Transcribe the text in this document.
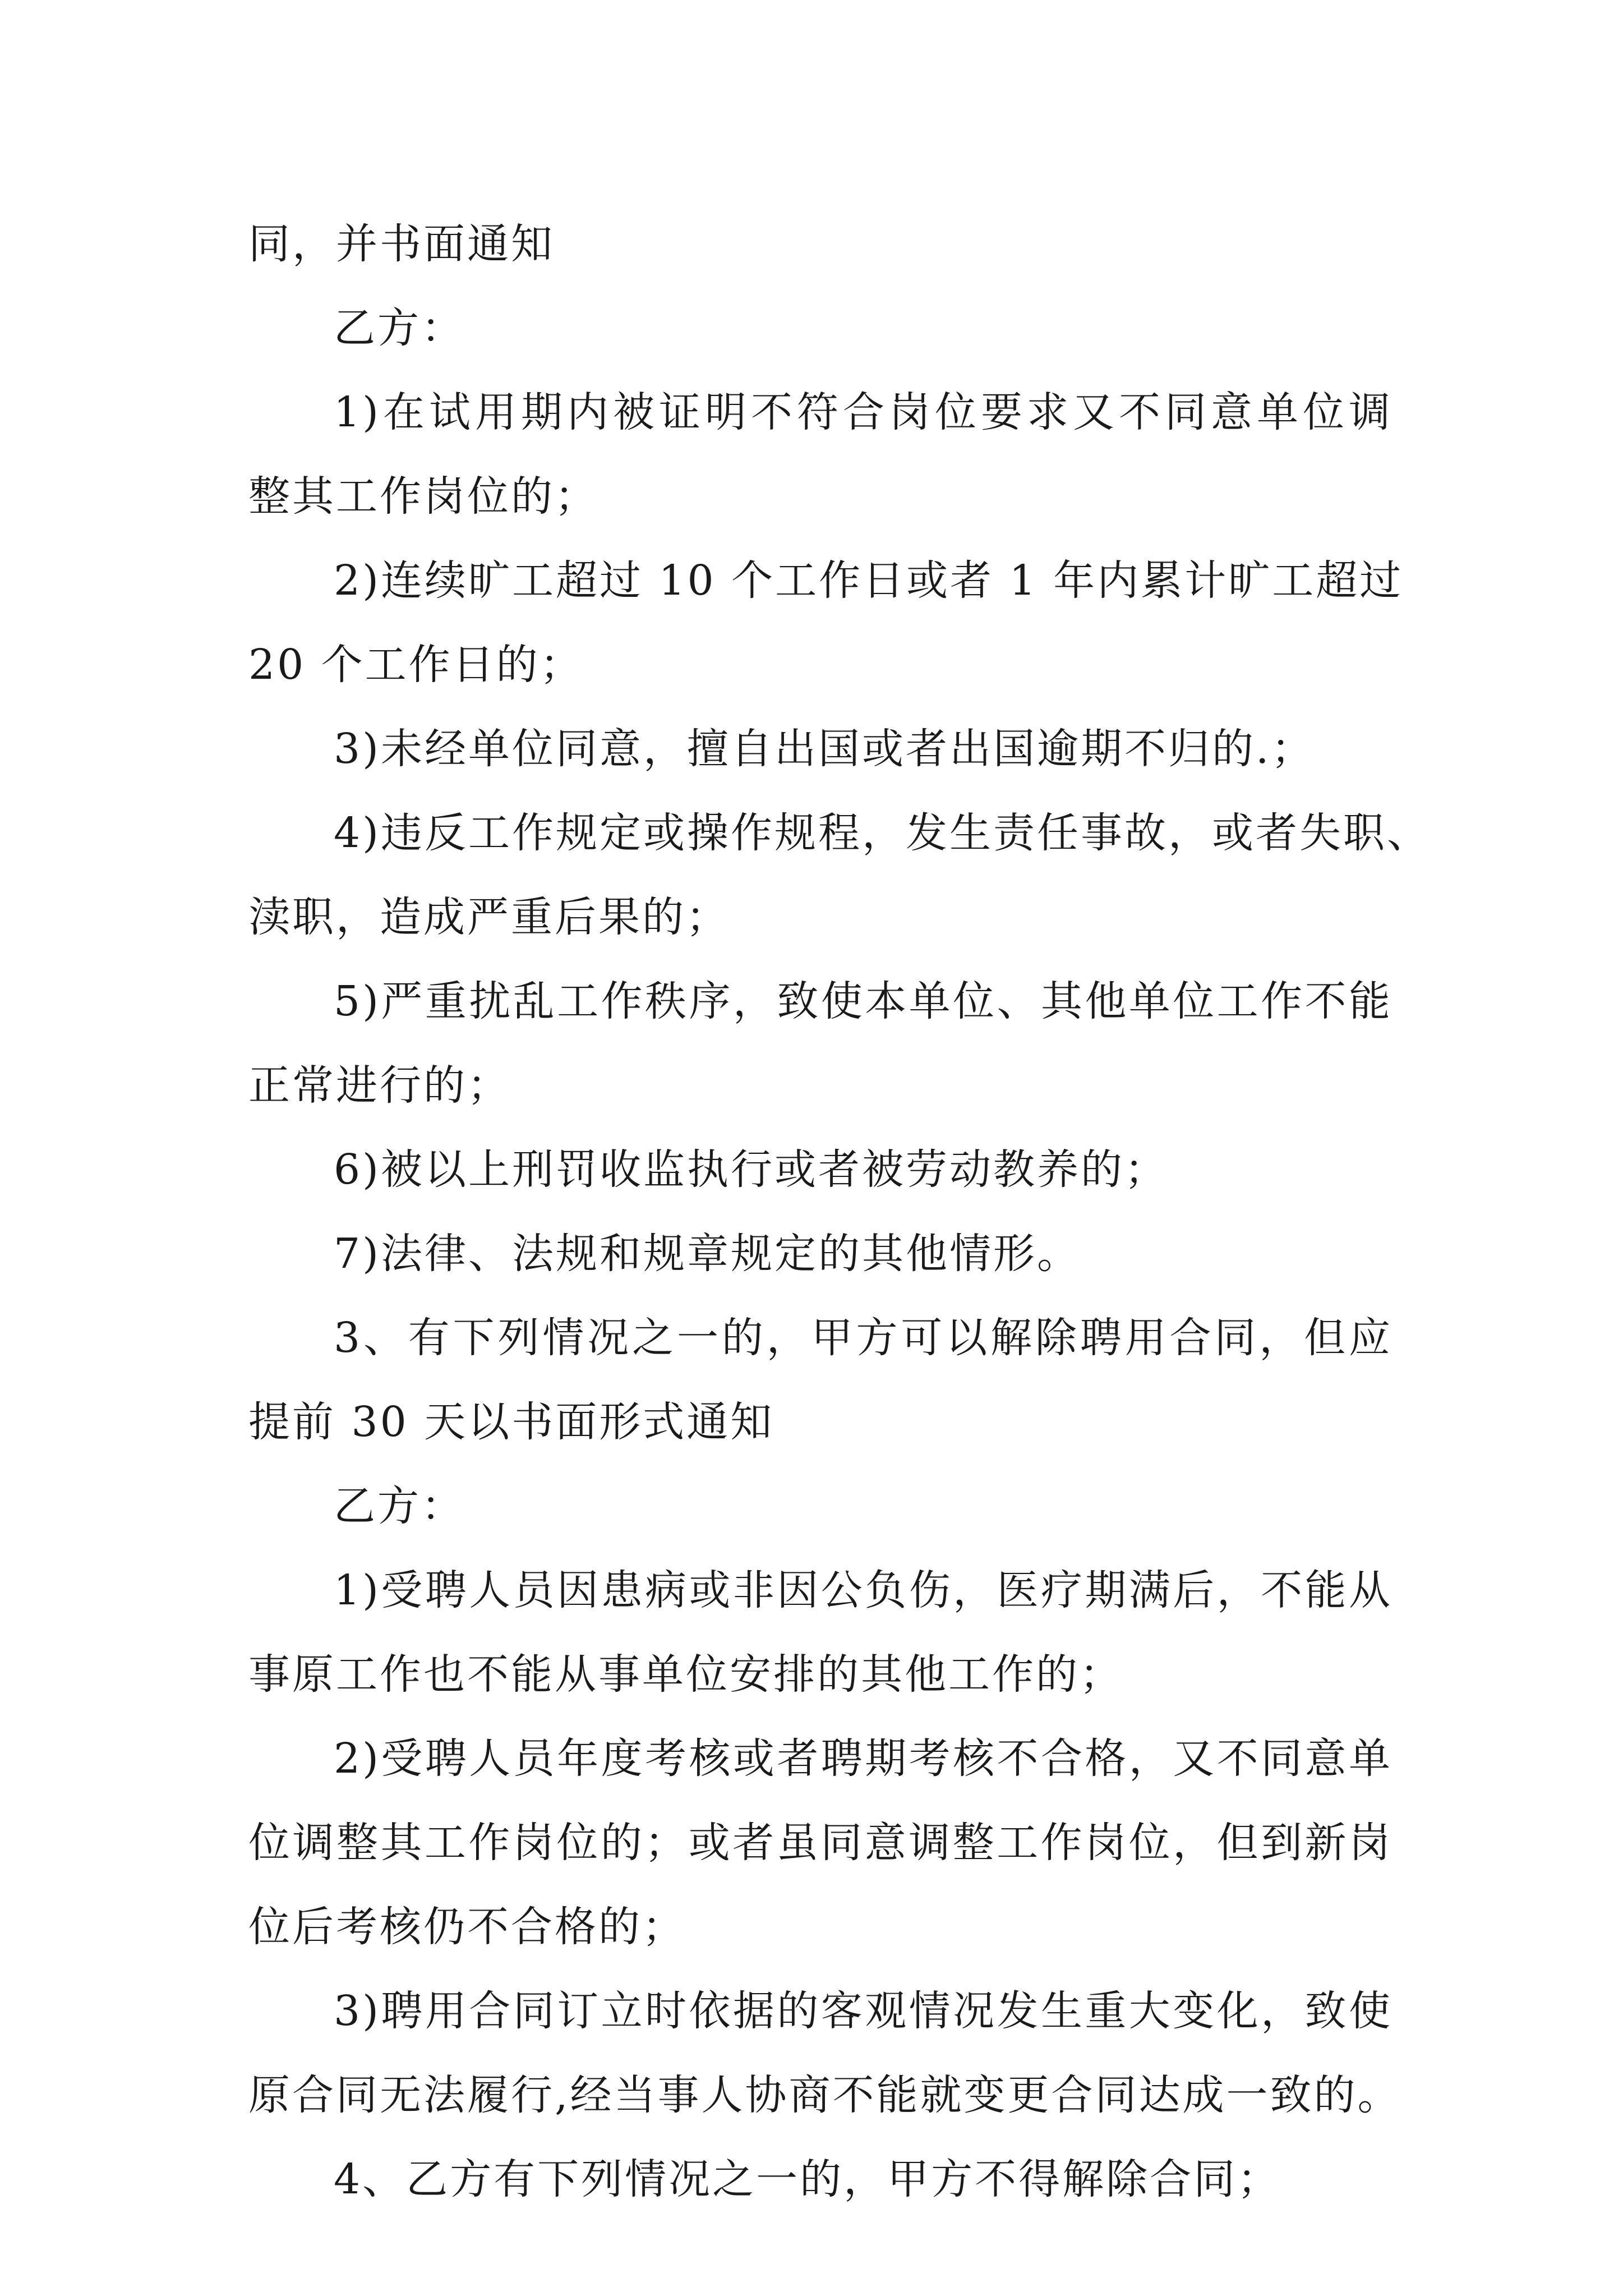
同，并书面通知
乙方：
1)在试用期内被证明不符合岗位要求又不同意单位调
整其工作岗位的；
2)连续旷工超过 10 个工作日或者 1 年内累计旷工超过
20 个工作日的；
3)未经单位同意，擅自出国或者出国逾期不归的.；
4)违反工作规定或操作规程，发生责任事故，或者失职、
渎职，造成严重后果的；
5)严重扰乱工作秩序，致使本单位、其他单位工作不能
正常进行的；
6)被以上刑罚收监执行或者被劳动教养的；
7)法律、法规和规章规定的其他情形。
3、有下列情况之一的，甲方可以解除聘用合同，但应
提前 30 天以书面形式通知
乙方：
1)受聘人员因患病或非因公负伤，医疗期满后，不能从
事原工作也不能从事单位安排的其他工作的；
2)受聘人员年度考核或者聘期考核不合格，又不同意单
位调整其工作岗位的；或者虽同意调整工作岗位，但到新岗
位后考核仍不合格的；
3)聘用合同订立时依据的客观情况发生重大变化，致使
原合同无法履行,经当事人协商不能就变更合同达成一致的。
4、乙方有下列情况之一的，甲方不得解除合同；
